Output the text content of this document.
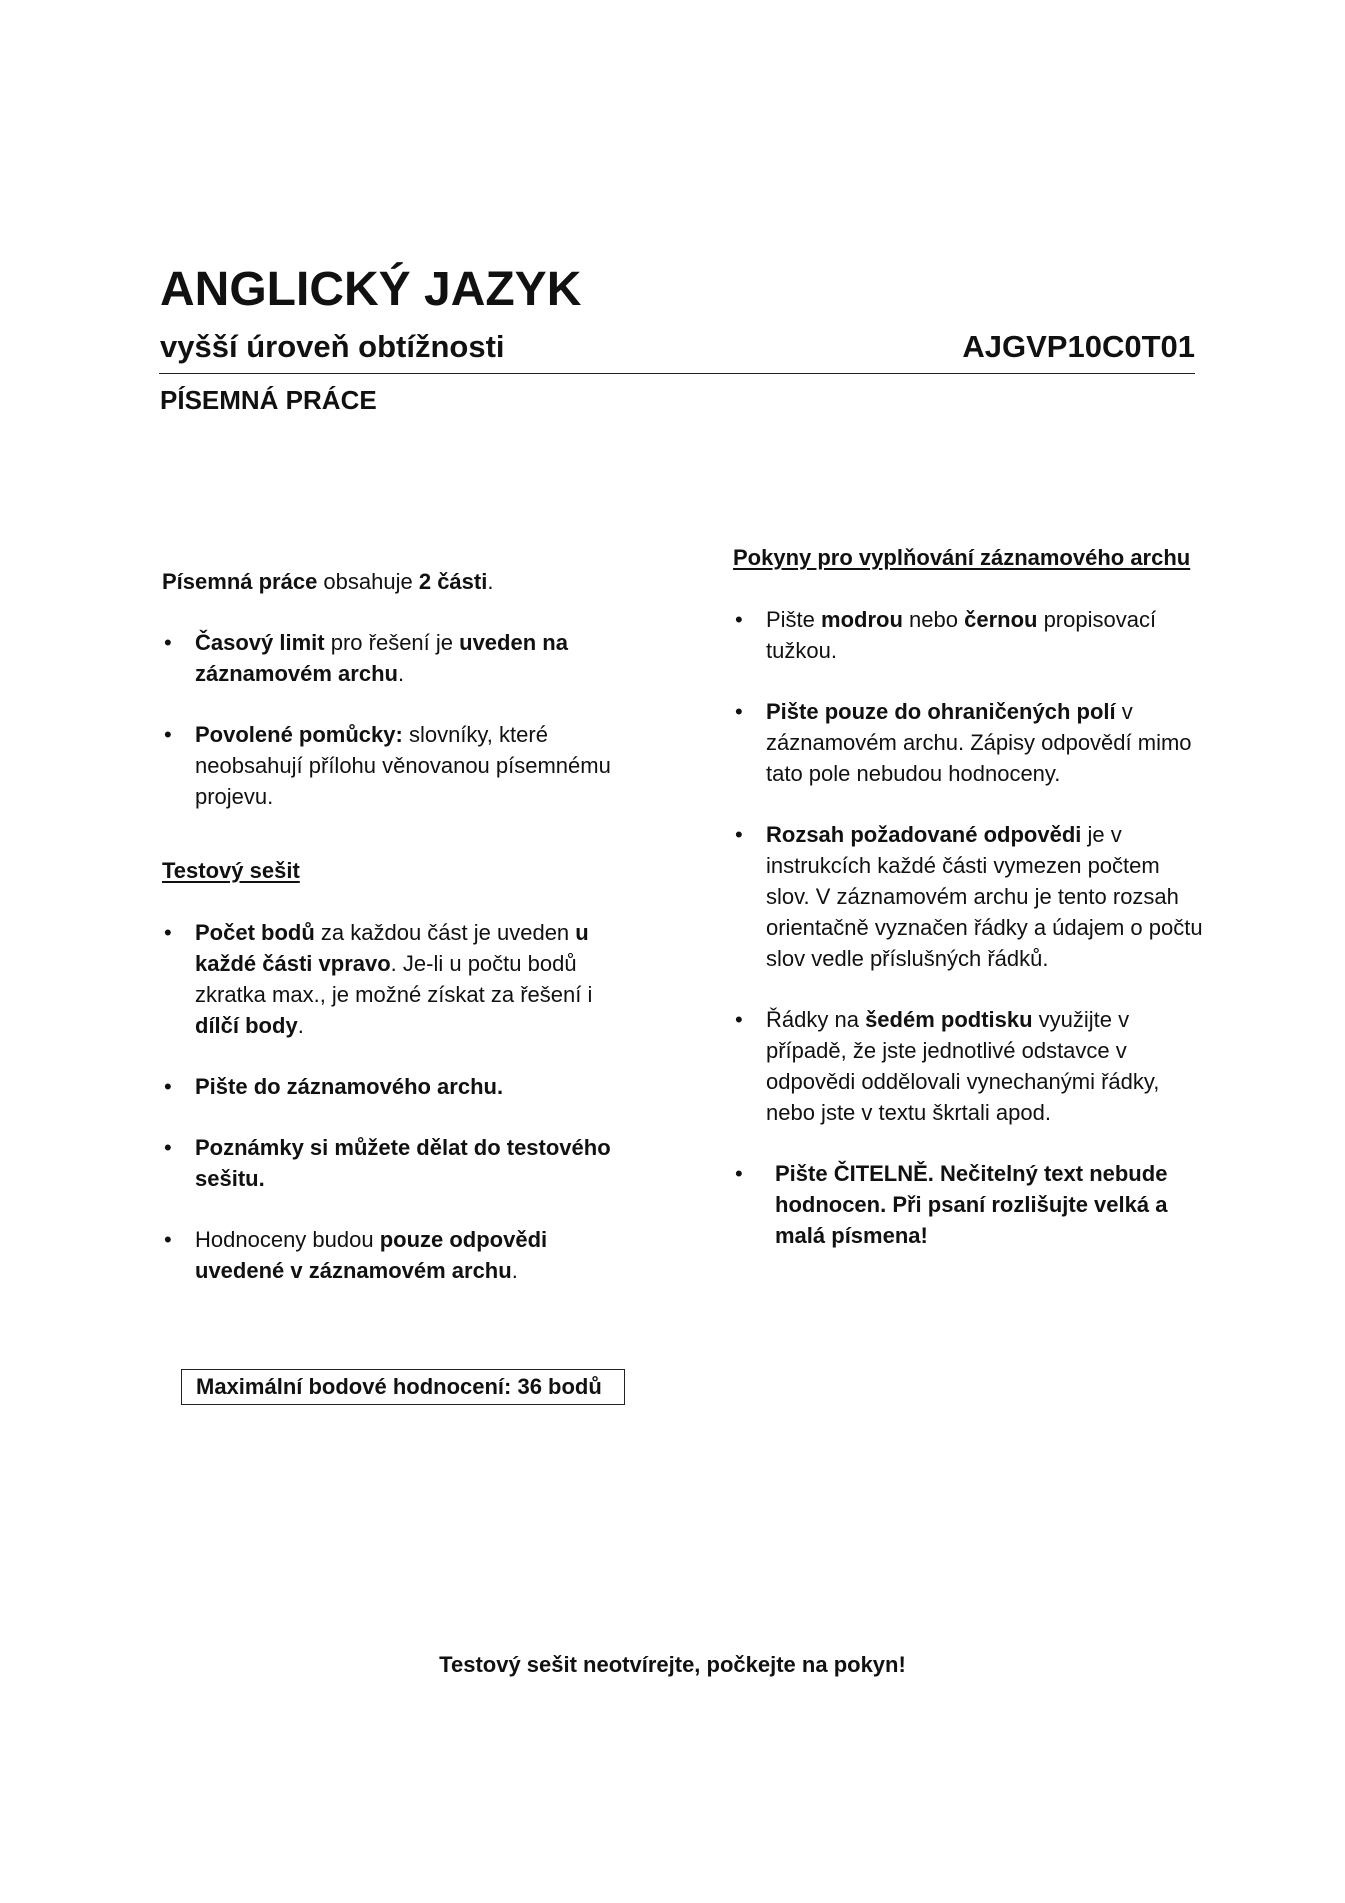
ANGLICKÝ JAZYK
vyšší úroveň obtížnosti	AJGVP10C0T01
PÍSEMNÁ PRÁCE

Písemná práce obsahuje 2 části.

• Časový limit pro řešení je uveden na záznamovém archu.
• Povolené pomůcky: slovníky, které neobsahují přílohu věnovanou písemnému projevu.

Testový sešit

• Počet bodů za každou část je uveden u každé části vpravo. Je-li u počtu bodů zkratka max., je možné získat za řešení i dílčí body.
• Pište do záznamového archu.
• Poznámky si můžete dělat do testového sešitu.
• Hodnoceny budou pouze odpovědi uvedené v záznamovém archu.

Pokyny pro vyplňování záznamového archu

• Pište modrou nebo černou propisovací tužkou.
• Pište pouze do ohraničených polí v záznamovém archu. Zápisy odpovědí mimo tato pole nebudou hodnoceny.
• Rozsah požadované odpovědi je v instrukcích každé části vymezen počtem slov. V záznamovém archu je tento rozsah orientačně vyznačen řádky a údajem o počtu slov vedle příslušných řádků.
• Řádky na šedém podtisku využijte v případě, že jste jednotlivé odstavce v odpovědi oddělovali vynechanými řádky, nebo jste v textu škrtali apod.
• Pište ČITELNĚ. Nečitelný text nebude hodnocen. Při psaní rozlišujte velká a malá písmena!
Maximální bodové hodnocení: 36 bodů
Testový sešit neotvírejte, počkejte na pokyn!
